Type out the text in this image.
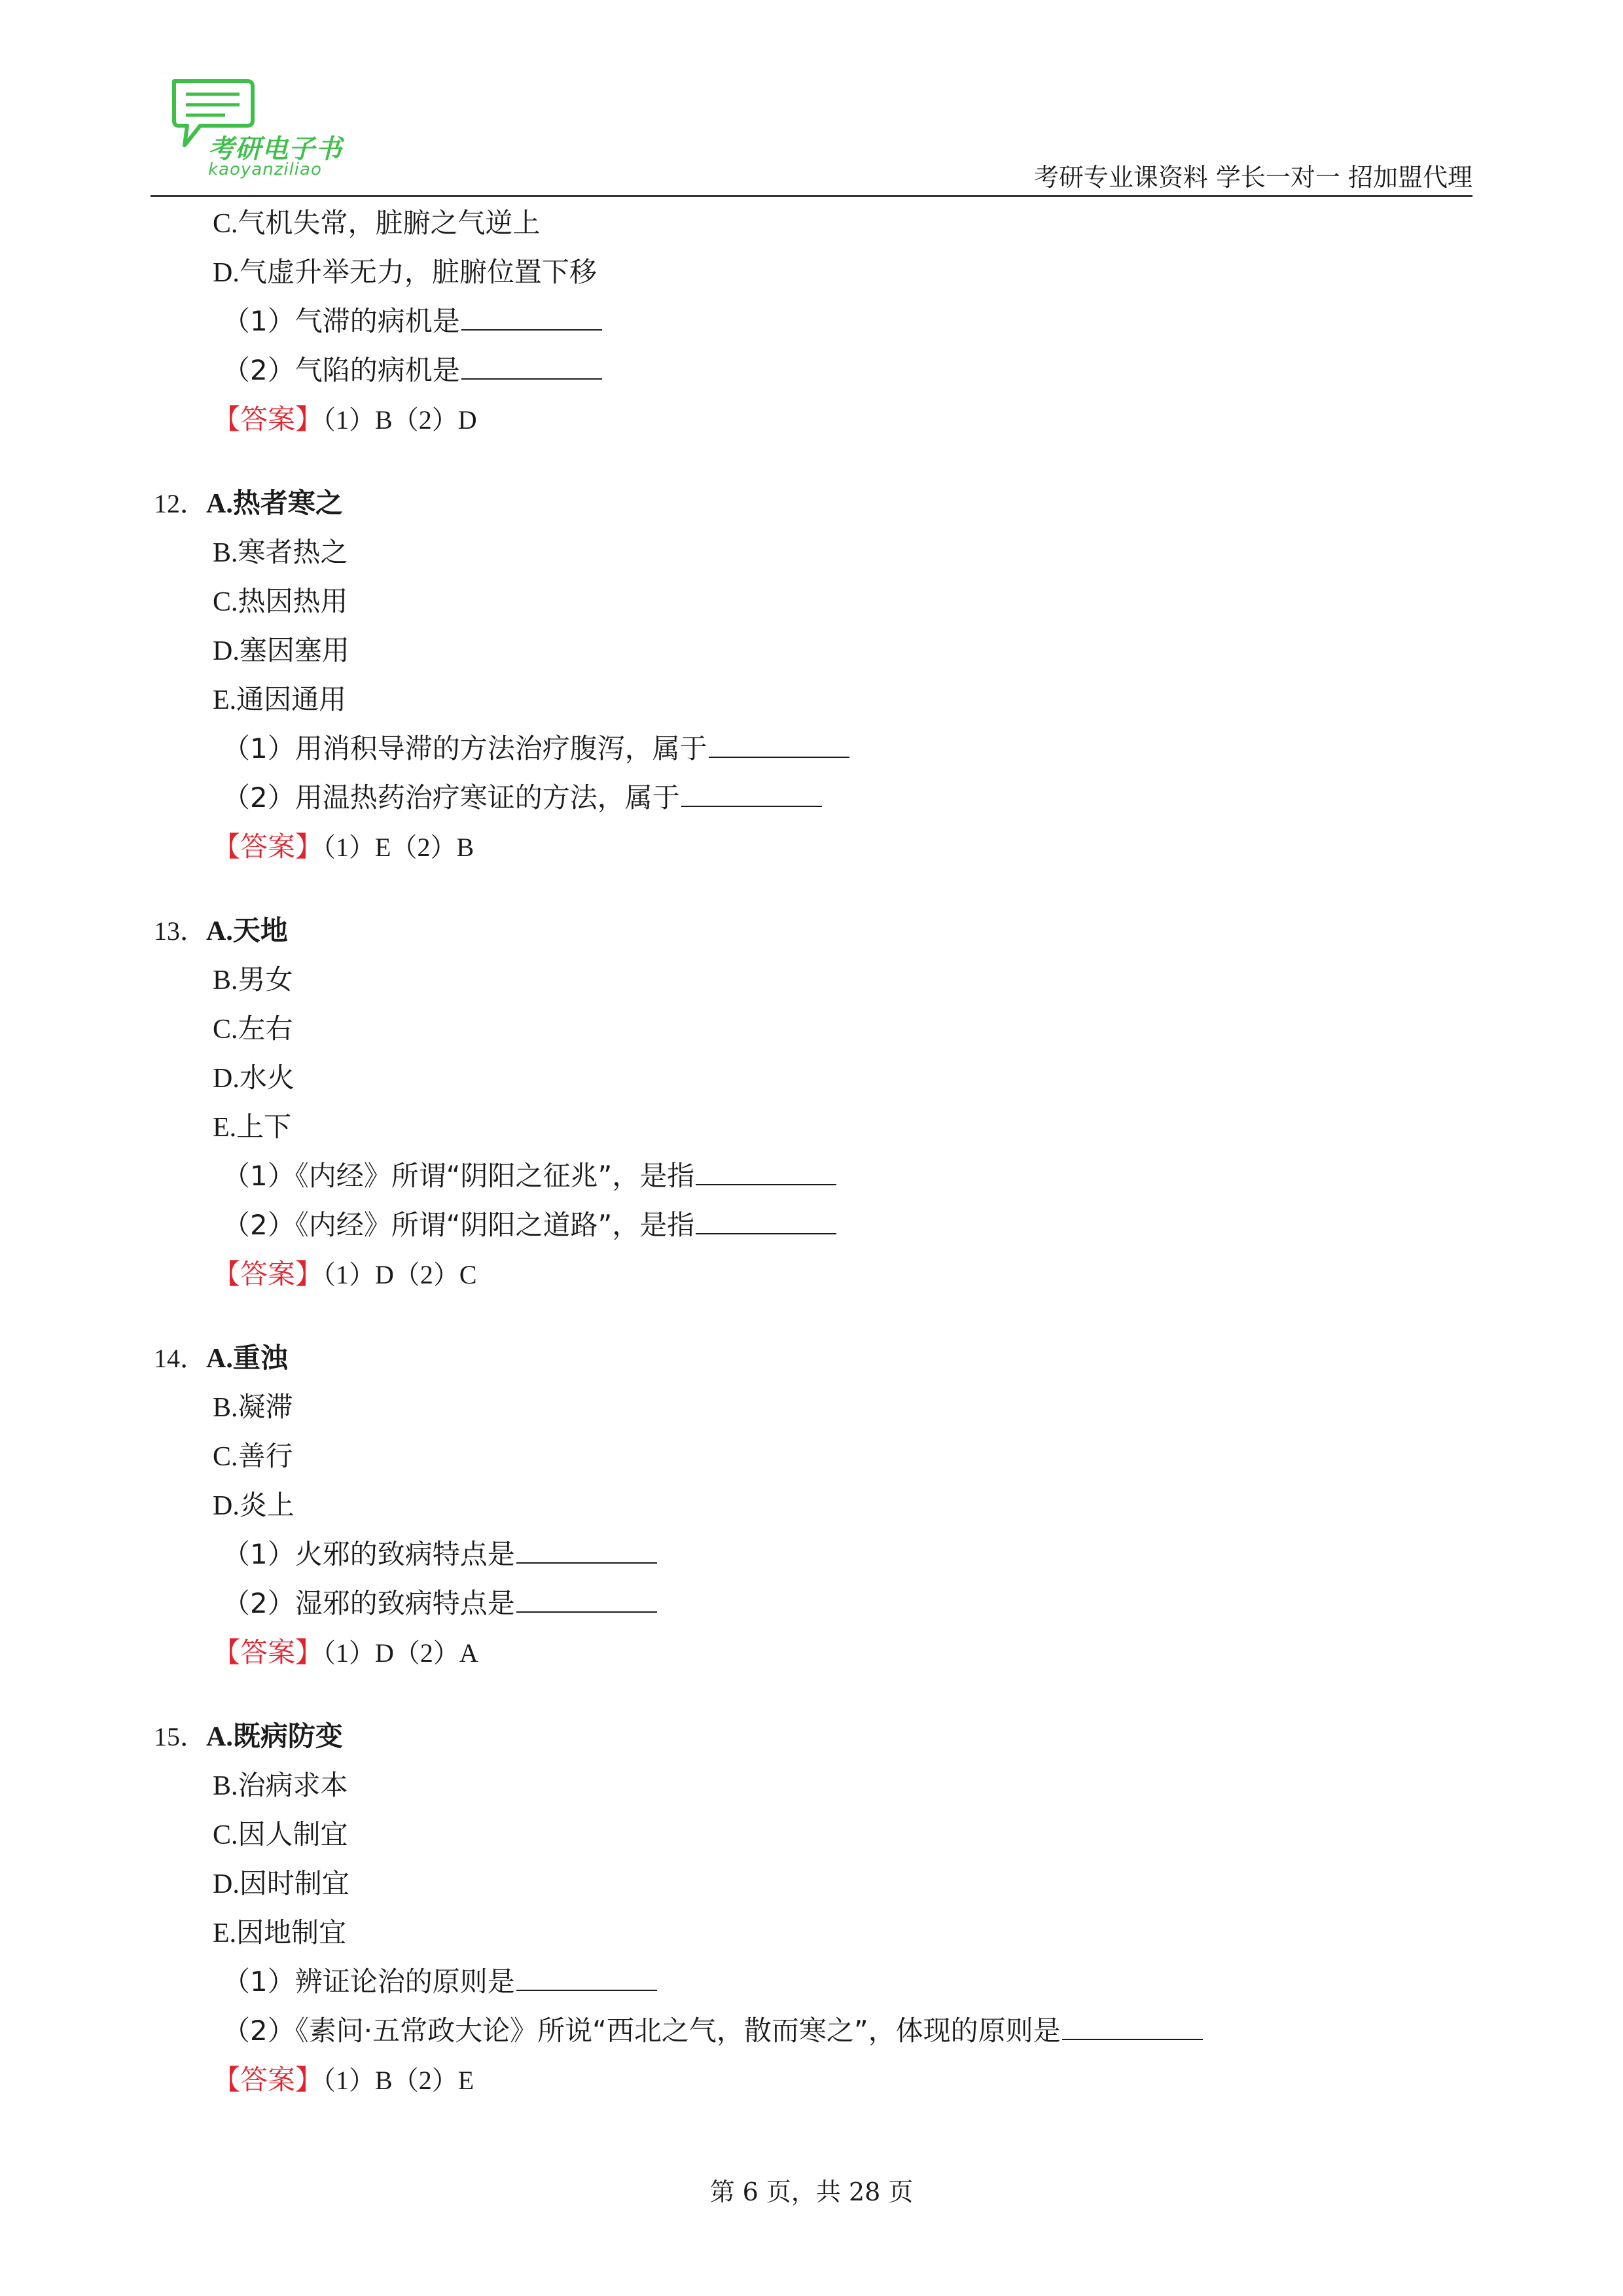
考研电子书
kaoyanziliao	考研专业课资料 学长一对一 招加盟代理
C.气机失常，脏腑之气逆上
D.气虚升举无力，脏腑位置下移
（1）气滞的病机是
（2）气陷的病机是
【答案】（1）B（2）D
12．A.热者寒之
B.寒者热之
C.热因热用
D.塞因塞用
E.通因通用
（1）用消积导滞的方法治疗腹泻，属于
（2）用温热药治疗寒证的方法，属于
【答案】（1）E（2）B
13．A.天地
B.男女
C.左右
D.水火
E.上下
（1）《内经》所谓“阴阳之征兆”，是指
（2）《内经》所谓“阴阳之道路”，是指
【答案】（1）D（2）C
14．A.重浊
B.凝滞
C.善行
D.炎上
（1）火邪的致病特点是
（2）湿邪的致病特点是
【答案】（1）D（2）A
15．A.既病防变
B.治病求本
C.因人制宜
D.因时制宜
E.因地制宜
（1）辨证论治的原则是
（2）《素问·五常政大论》所说“西北之气，散而寒之”，体现的原则是
【答案】（1）B（2）E
第 6 页，共 28 页
